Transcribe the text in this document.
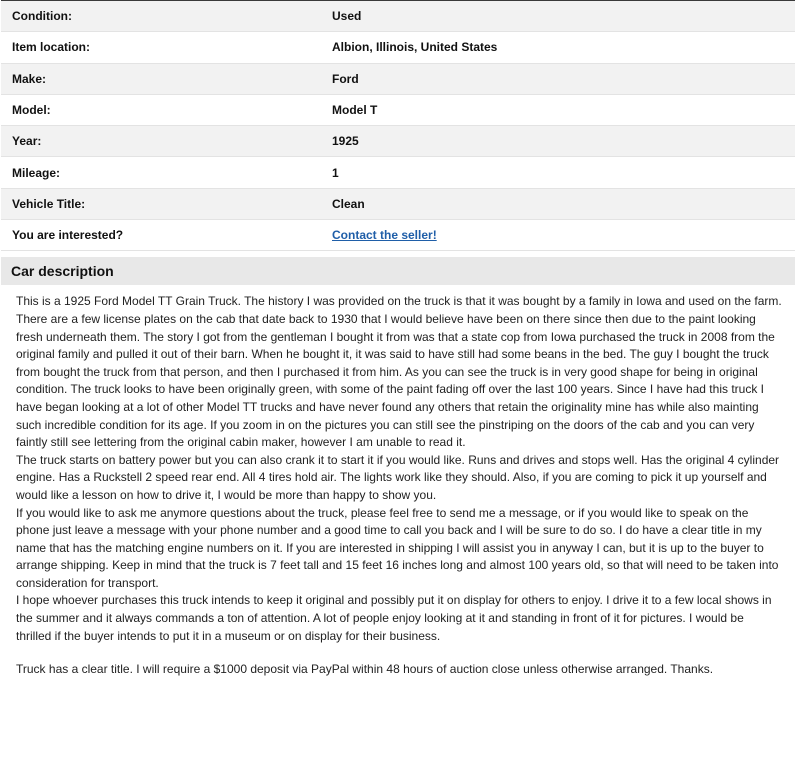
Condition:	Used
Item location:	Albion, Illinois, United States
Make:	Ford
Model:	Model T
Year:	1925
Mileage:	1
Vehicle Title:	Clean
You are interested?	Contact the seller!
Car description

This is a 1925 Ford Model TT Grain Truck. The history I was provided on the truck is that it was bought by a family in Iowa and used on the farm. There are a few license plates on the cab that date back to 1930 that I would believe have been on there since then due to the paint looking fresh underneath them. The story I got from the gentleman I bought it from was that a state cop from Iowa purchased the truck in 2008 from the original family and pulled it out of their barn. When he bought it, it was said to have still had some beans in the bed. The guy I bought the truck from bought the truck from that person, and then I purchased it from him. As you can see the truck is in very good shape for being in original condition. The truck looks to have been originally green, with some of the paint fading off over the last 100 years. Since I have had this truck I have began looking at a lot of other Model TT trucks and have never found any others that retain the originality mine has while also mainting such incredible condition for its age. If you zoom in on the pictures you can still see the pinstriping on the doors of the cab and you can very faintly still see lettering from the original cabin maker, however I am unable to read it.

The truck starts on battery power but you can also crank it to start it if you would like. Runs and drives and stops well. Has the original 4 cylinder engine. Has a Ruckstell 2 speed rear end. All 4 tires hold air. The lights work like they should. Also, if you are coming to pick it up yourself and would like a lesson on how to drive it, I would be more than happy to show you.

If you would like to ask me anymore questions about the truck, please feel free to send me a message, or if you would like to speak on the phone just leave a message with your phone number and a good time to call you back and I will be sure to do so. I do have a clear title in my name that has the matching engine numbers on it. If you are interested in shipping I will assist you in anyway I can, but it is up to the buyer to arrange shipping. Keep in mind that the truck is 7 feet tall and 15 feet 16 inches long and almost 100 years old, so that will need to be taken into consideration for transport.

I hope whoever purchases this truck intends to keep it original and possibly put it on display for others to enjoy. I drive it to a few local shows in the summer and it always commands a ton of attention. A lot of people enjoy looking at it and standing in front of it for pictures. I would be thrilled if the buyer intends to put it in a museum or on display for their business.

Truck has a clear title. I will require a $1000 deposit via PayPal within 48 hours of auction close unless otherwise arranged. Thanks.
